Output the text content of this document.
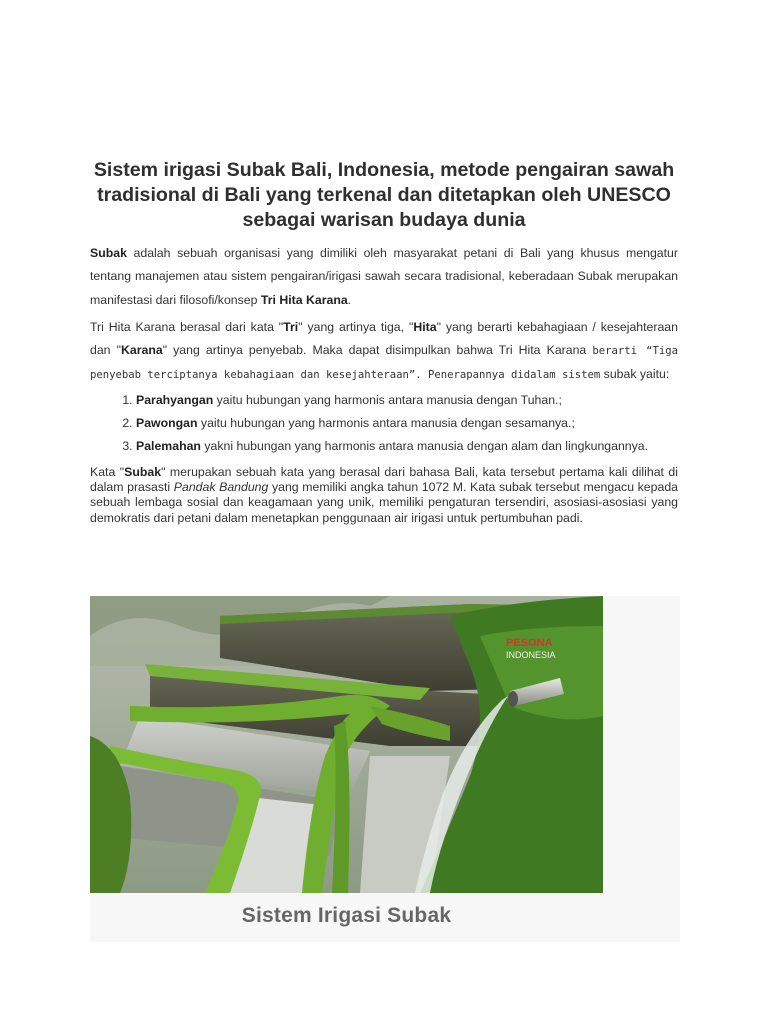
Sistem irigasi Subak Bali, Indonesia, metode pengairan sawah tradisional di Bali yang terkenal dan ditetapkan oleh UNESCO sebagai warisan budaya dunia

Subak adalah sebuah organisasi yang dimiliki oleh masyarakat petani di Bali yang khusus mengatur tentang manajemen atau sistem pengairan/irigasi sawah secara tradisional, keberadaan Subak merupakan manifestasi dari filosofi/konsep Tri Hita Karana.

Tri Hita Karana berasal dari kata "Tri" yang artinya tiga, "Hita" yang berarti kebahagiaan / kesejahteraan dan "Karana" yang artinya penyebab. Maka dapat disimpulkan bahwa Tri Hita Karana berarti “Tiga penyebab terciptanya kebahagiaan dan kesejahteraan”. Penerapannya didalam sistem subak yaitu:

1. Parahyangan yaitu hubungan yang harmonis antara manusia dengan Tuhan.;
2. Pawongan yaitu hubungan yang harmonis antara manusia dengan sesamanya.;
3. Palemahan yakni hubungan yang harmonis antara manusia dengan alam dan lingkungannya.

Kata "Subak" merupakan sebuah kata yang berasal dari bahasa Bali, kata tersebut pertama kali dilihat di dalam prasasti Pandak Bandung yang memiliki angka tahun 1072 M. Kata subak tersebut mengacu kepada sebuah lembaga sosial dan keagamaan yang unik, memiliki pengaturan tersendiri, asosiasi-asosiasi yang demokratis dari petani dalam menetapkan penggunaan air irigasi untuk pertumbuhan padi.

PESONA
INDONESIA
Sistem Irigasi Subak
